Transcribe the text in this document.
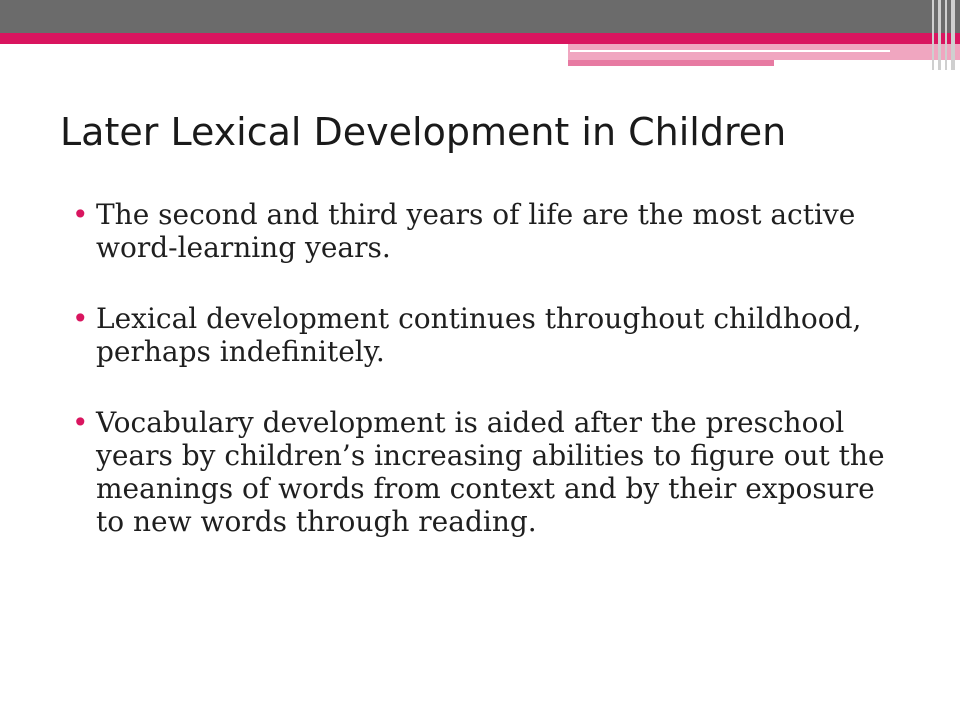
Later Lexical Development in Children
• The second and third years of life are the most active word-learning years.
• Lexical development continues throughout childhood, perhaps indefinitely.
• Vocabulary development is aided after the preschool years by children’s increasing abilities to figure out the meanings of words from context and by their exposure to new words through reading.
